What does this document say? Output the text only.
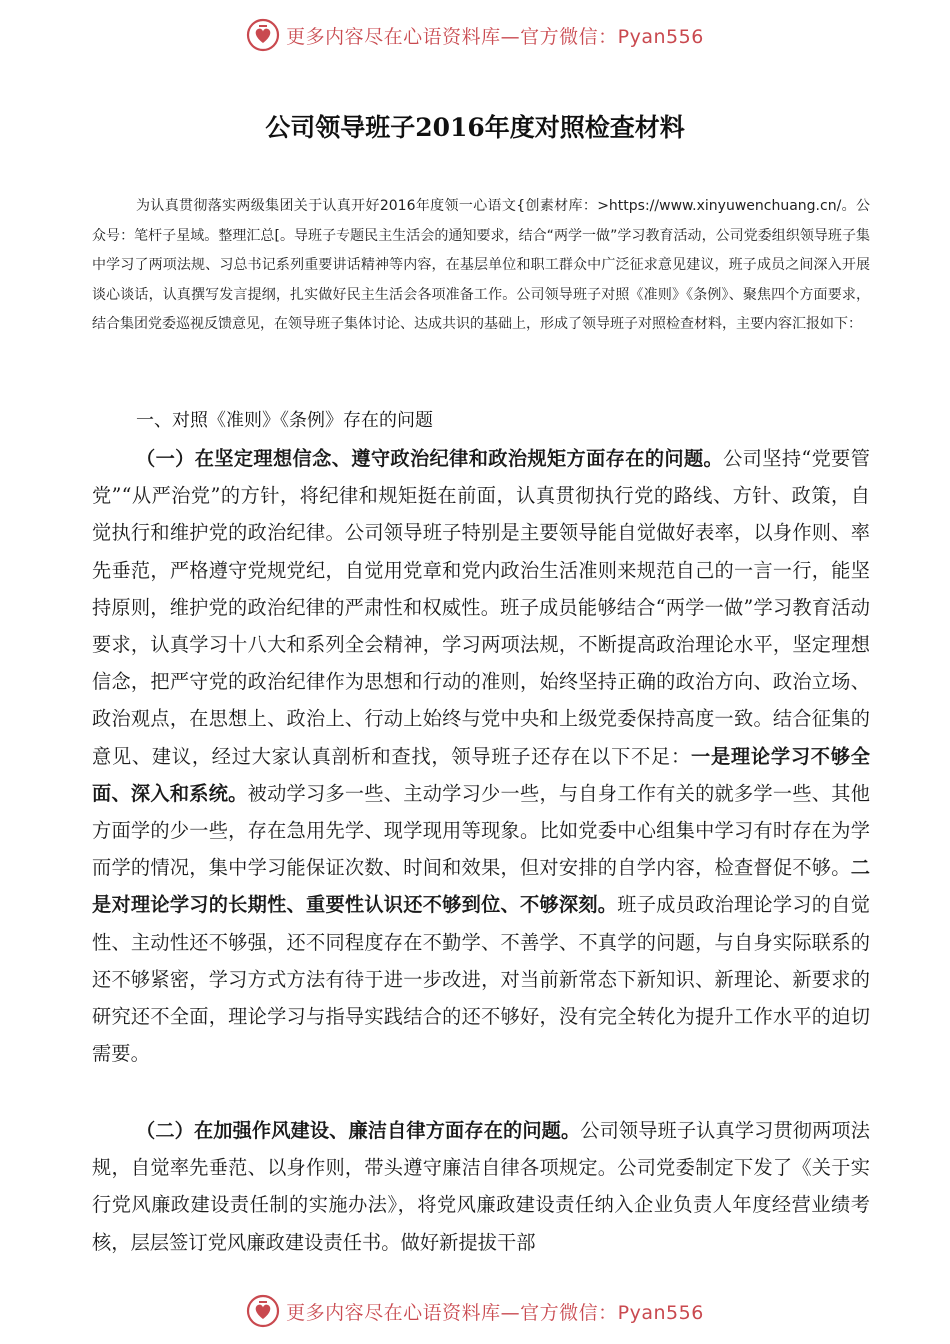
更多内容尽在心语资料库—官方微信：Pyan556
公司领导班子2016年度对照检查材料

为认真贯彻落实两级集团关于认真开好2016年度领一心语文{创素材库：>https://www.xinyuwenchuang.cn/。公众号：笔杆子星域。整理汇总[。导班子专题民主生活会的通知要求，结合“两学一做”学习教育活动，公司党委组织领导班子集中学习了两项法规、习总书记系列重要讲话精神等内容，在基层单位和职工群众中广泛征求意见建议，班子成员之间深入开展谈心谈话，认真撰写发言提纲，扎实做好民主生活会各项准备工作。公司领导班子对照《准则》《条例》、聚焦四个方面要求，结合集团党委巡视反馈意见，在领导班子集体讨论、达成共识的基础上，形成了领导班子对照检查材料，主要内容汇报如下：

一、对照《准则》《条例》存在的问题

（一）在坚定理想信念、遵守政治纪律和政治规矩方面存在的问题。公司坚持“党要管党”“从严治党”的方针，将纪律和规矩挺在前面，认真贯彻执行党的路线、方针、政策，自觉执行和维护党的政治纪律。公司领导班子特别是主要领导能自觉做好表率，以身作则、率先垂范，严格遵守党规党纪，自觉用党章和党内政治生活准则来规范自己的一言一行，能坚持原则，维护党的政治纪律的严肃性和权威性。班子成员能够结合“两学一做”学习教育活动要求，认真学习十八大和系列全会精神，学习两项法规，不断提高政治理论水平，坚定理想信念，把严守党的政治纪律作为思想和行动的准则，始终坚持正确的政治方向、政治立场、政治观点，在思想上、政治上、行动上始终与党中央和上级党委保持高度一致。结合征集的意见、建议，经过大家认真剖析和查找，领导班子还存在以下不足：一是理论学习不够全面、深入和系统。被动学习多一些、主动学习少一些，与自身工作有关的就多学一些、其他方面学的少一些，存在急用先学、现学现用等现象。比如党委中心组集中学习有时存在为学而学的情况，集中学习能保证次数、时间和效果，但对安排的自学内容，检查督促不够。二是对理论学习的长期性、重要性认识还不够到位、不够深刻。班子成员政治理论学习的自觉性、主动性还不够强，还不同程度存在不勤学、不善学、不真学的问题，与自身实际联系的还不够紧密，学习方式方法有待于进一步改进，对当前新常态下新知识、新理论、新要求的研究还不全面，理论学习与指导实践结合的还不够好，没有完全转化为提升工作水平的迫切需要。

（二）在加强作风建设、廉洁自律方面存在的问题。公司领导班子认真学习贯彻两项法规，自觉率先垂范、以身作则，带头遵守廉洁自律各项规定。公司党委制定下发了《关于实行党风廉政建设责任制的实施办法》，将党风廉政建设责任纳入企业负责人年度经营业绩考核，层层签订党风廉政建设责任书。做好新提拔干部

更多内容尽在心语资料库—官方微信：Pyan556
